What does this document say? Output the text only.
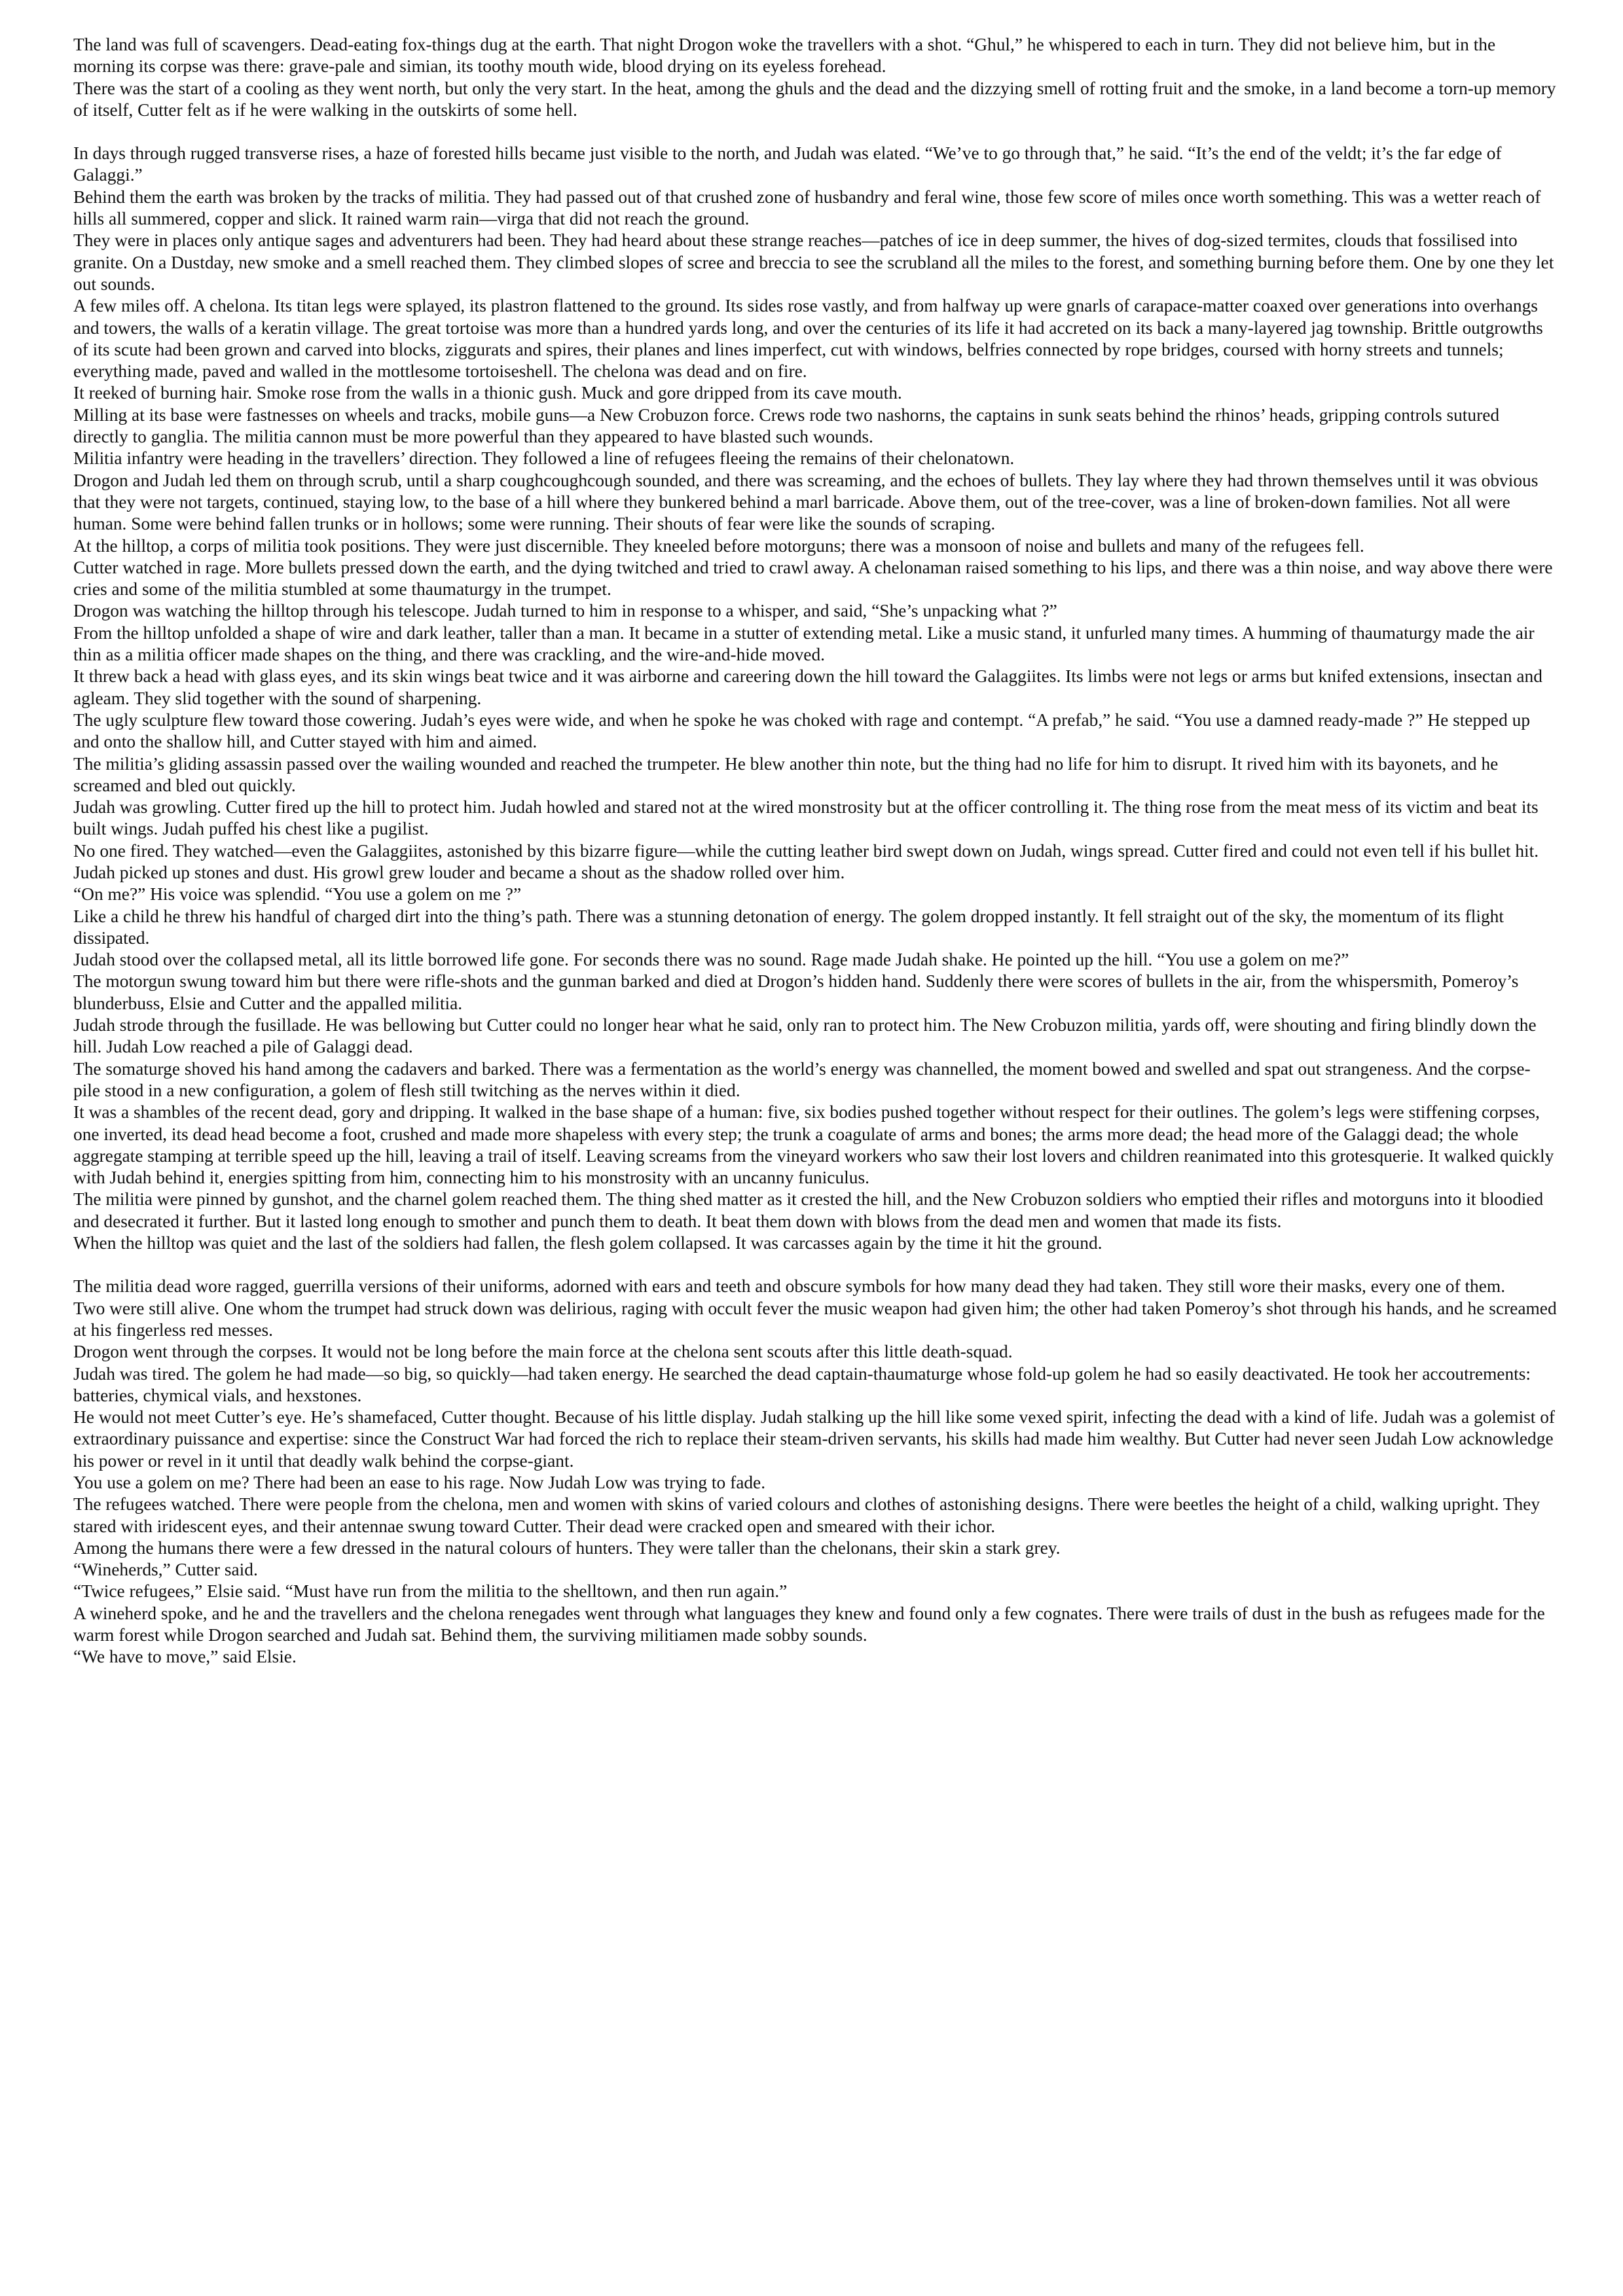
The land was full of scavengers. Dead-eating fox-things dug at the earth. That night Drogon woke the travellers with a shot. “Ghul,” he whispered to each in turn. They did not believe him, but in the morning its corpse was there: grave-pale and simian, its toothy mouth wide, blood drying on its eyeless forehead.

There was the start of a cooling as they went north, but only the very start. In the heat, among the ghuls and the dead and the dizzying smell of rotting fruit and the smoke, in a land become a torn-up memory of itself, Cutter felt as if he were walking in the outskirts of some hell.

In days through rugged transverse rises, a haze of forested hills became just visible to the north, and Judah was elated. “We’ve to go through that,” he said. “It’s the end of the veldt; it’s the far edge of Galaggi.”

Behind them the earth was broken by the tracks of militia. They had passed out of that crushed zone of husbandry and feral wine, those few score of miles once worth something. This was a wetter reach of hills all summered, copper and slick. It rained warm rain—virga that did not reach the ground.

They were in places only antique sages and adventurers had been. They had heard about these strange reaches—patches of ice in deep summer, the hives of dog-sized termites, clouds that fossilised into granite. On a Dustday, new smoke and a smell reached them. They climbed slopes of scree and breccia to see the scrubland all the miles to the forest, and something burning before them. One by one they let out sounds.

A few miles off. A chelona. Its titan legs were splayed, its plastron flattened to the ground. Its sides rose vastly, and from halfway up were gnarls of carapace-matter coaxed over generations into overhangs and towers, the walls of a keratin village. The great tortoise was more than a hundred yards long, and over the centuries of its life it had accreted on its back a many-layered jag township. Brittle outgrowths of its scute had been grown and carved into blocks, ziggurats and spires, their planes and lines imperfect, cut with windows, belfries connected by rope bridges, coursed with horny streets and tunnels; everything made, paved and walled in the mottlesome tortoiseshell. The chelona was dead and on fire.

It reeked of burning hair. Smoke rose from the walls in a thionic gush. Muck and gore dripped from its cave mouth.

Milling at its base were fastnesses on wheels and tracks, mobile guns—a New Crobuzon force. Crews rode two nashorns, the captains in sunk seats behind the rhinos’ heads, gripping controls sutured directly to ganglia. The militia cannon must be more powerful than they appeared to have blasted such wounds.

Militia infantry were heading in the travellers’ direction. They followed a line of refugees fleeing the remains of their chelonatown.

Drogon and Judah led them on through scrub, until a sharp coughcoughcough sounded, and there was screaming, and the echoes of bullets. They lay where they had thrown themselves until it was obvious that they were not targets, continued, staying low, to the base of a hill where they bunkered behind a marl barricade. Above them, out of the tree-cover, was a line of broken-down families. Not all were human. Some were behind fallen trunks or in hollows; some were running. Their shouts of fear were like the sounds of scraping.

At the hilltop, a corps of militia took positions. They were just discernible. They kneeled before motorguns; there was a monsoon of noise and bullets and many of the refugees fell.

Cutter watched in rage. More bullets pressed down the earth, and the dying twitched and tried to crawl away. A chelonaman raised something to his lips, and there was a thin noise, and way above there were cries and some of the militia stumbled at some thaumaturgy in the trumpet.

Drogon was watching the hilltop through his telescope. Judah turned to him in response to a whisper, and said, “She’s unpacking what ?”

From the hilltop unfolded a shape of wire and dark leather, taller than a man. It became in a stutter of extending metal. Like a music stand, it unfurled many times. A humming of thaumaturgy made the air thin as a militia officer made shapes on the thing, and there was crackling, and the wire-and-hide moved.

It threw back a head with glass eyes, and its skin wings beat twice and it was airborne and careering down the hill toward the Galaggiites. Its limbs were not legs or arms but knifed extensions, insectan and agleam. They slid together with the sound of sharpening.

The ugly sculpture flew toward those cowering. Judah’s eyes were wide, and when he spoke he was choked with rage and contempt. “A prefab,” he said. “You use a damned ready-made ?” He stepped up and onto the shallow hill, and Cutter stayed with him and aimed.

The militia’s gliding assassin passed over the wailing wounded and reached the trumpeter. He blew another thin note, but the thing had no life for him to disrupt. It rived him with its bayonets, and he screamed and bled out quickly.

Judah was growling. Cutter fired up the hill to protect him. Judah howled and stared not at the wired monstrosity but at the officer controlling it. The thing rose from the meat mess of its victim and beat its built wings. Judah puffed his chest like a pugilist.

No one fired. They watched—even the Galaggiites, astonished by this bizarre figure—while the cutting leather bird swept down on Judah, wings spread. Cutter fired and could not even tell if his bullet hit.

Judah picked up stones and dust. His growl grew louder and became a shout as the shadow rolled over him.

“On me?” His voice was splendid. “You use a golem on me ?”

Like a child he threw his handful of charged dirt into the thing’s path. There was a stunning detonation of energy. The golem dropped instantly. It fell straight out of the sky, the momentum of its flight dissipated.

Judah stood over the collapsed metal, all its little borrowed life gone. For seconds there was no sound. Rage made Judah shake. He pointed up the hill. “You use a golem on me?”

The motorgun swung toward him but there were rifle-shots and the gunman barked and died at Drogon’s hidden hand. Suddenly there were scores of bullets in the air, from the whispersmith, Pomeroy’s blunderbuss, Elsie and Cutter and the appalled militia.

Judah strode through the fusillade. He was bellowing but Cutter could no longer hear what he said, only ran to protect him. The New Crobuzon militia, yards off, were shouting and firing blindly down the hill. Judah Low reached a pile of Galaggi dead.

The somaturge shoved his hand among the cadavers and barked. There was a fermentation as the world’s energy was channelled, the moment bowed and swelled and spat out strangeness. And the corpse-pile stood in a new configuration, a golem of flesh still twitching as the nerves within it died.

It was a shambles of the recent dead, gory and dripping. It walked in the base shape of a human: five, six bodies pushed together without respect for their outlines. The golem’s legs were stiffening corpses, one inverted, its dead head become a foot, crushed and made more shapeless with every step; the trunk a coagulate of arms and bones; the arms more dead; the head more of the Galaggi dead; the whole aggregate stamping at terrible speed up the hill, leaving a trail of itself. Leaving screams from the vineyard workers who saw their lost lovers and children reanimated into this grotesquerie. It walked quickly with Judah behind it, energies spitting from him, connecting him to his monstrosity with an uncanny funiculus.

The militia were pinned by gunshot, and the charnel golem reached them. The thing shed matter as it crested the hill, and the New Crobuzon soldiers who emptied their rifles and motorguns into it bloodied and desecrated it further. But it lasted long enough to smother and punch them to death. It beat them down with blows from the dead men and women that made its fists.

When the hilltop was quiet and the last of the soldiers had fallen, the flesh golem collapsed. It was carcasses again by the time it hit the ground.

The militia dead wore ragged, guerrilla versions of their uniforms, adorned with ears and teeth and obscure symbols for how many dead they had taken. They still wore their masks, every one of them.

Two were still alive. One whom the trumpet had struck down was delirious, raging with occult fever the music weapon had given him; the other had taken Pomeroy’s shot through his hands, and he screamed at his fingerless red messes.

Drogon went through the corpses. It would not be long before the main force at the chelona sent scouts after this little death-squad.

Judah was tired. The golem he had made—so big, so quickly—had taken energy. He searched the dead captain-thaumaturge whose fold-up golem he had so easily deactivated. He took her accoutrements: batteries, chymical vials, and hexstones.

He would not meet Cutter’s eye. He’s shamefaced, Cutter thought. Because of his little display. Judah stalking up the hill like some vexed spirit, infecting the dead with a kind of life. Judah was a golemist of extraordinary puissance and expertise: since the Construct War had forced the rich to replace their steam-driven servants, his skills had made him wealthy. But Cutter had never seen Judah Low acknowledge his power or revel in it until that deadly walk behind the corpse-giant.

You use a golem on me? There had been an ease to his rage. Now Judah Low was trying to fade.

The refugees watched. There were people from the chelona, men and women with skins of varied colours and clothes of astonishing designs. There were beetles the height of a child, walking upright. They stared with iridescent eyes, and their antennae swung toward Cutter. Their dead were cracked open and smeared with their ichor.

Among the humans there were a few dressed in the natural colours of hunters. They were taller than the chelonans, their skin a stark grey.

“Wineherds,” Cutter said.

“Twice refugees,” Elsie said. “Must have run from the militia to the shelltown, and then run again.”

A wineherd spoke, and he and the travellers and the chelona renegades went through what languages they knew and found only a few cognates. There were trails of dust in the bush as refugees made for the warm forest while Drogon searched and Judah sat. Behind them, the surviving militiamen made sobby sounds.

“We have to move,” said Elsie.
